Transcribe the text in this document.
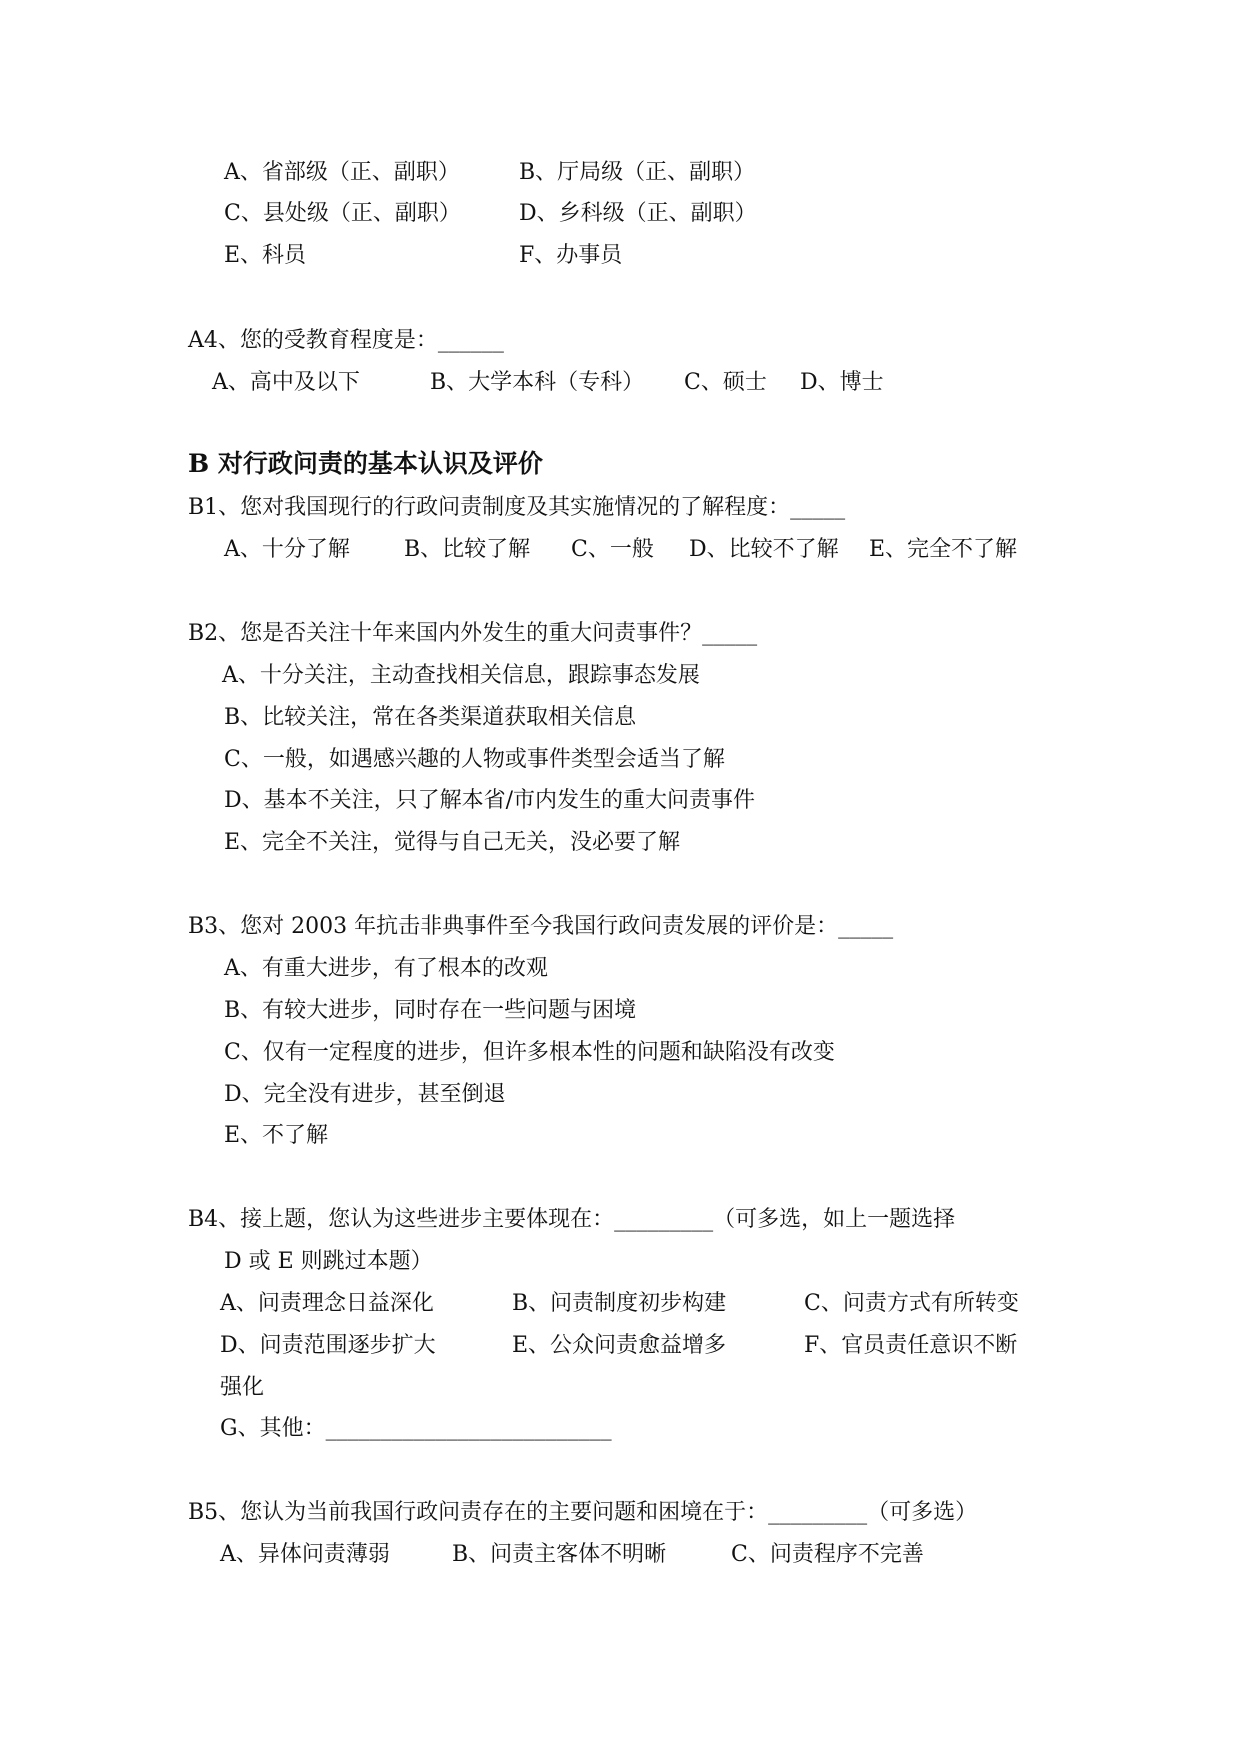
A、省部级（正、副职）	B、厅局级（正、副职）
C、县处级（正、副职）	D、乡科级（正、副职）
E、科员	F、办事员
A4、您的受教育程度是：______
A、高中及以下	B、大学本科（专科） C、硕士 D、博士
B 对行政问责的基本认识及评价
B1、您对我国现行的行政问责制度及其实施情况的了解程度：_____
A、十分了解 B、比较了解 C、一般 D、比较不了解 E、完全不了解
B2、您是否关注十年来国内外发生的重大问责事件？_____
A、十分关注，主动查找相关信息，跟踪事态发展
B、比较关注，常在各类渠道获取相关信息
C、一般，如遇感兴趣的人物或事件类型会适当了解
D、基本不关注，只了解本省/市内发生的重大问责事件
E、完全不关注，觉得与自己无关，没必要了解
B3、您对 2003 年抗击非典事件至今我国行政问责发展的评价是：_____
A、有重大进步，有了根本的改观
B、有较大进步，同时存在一些问题与困境
C、仅有一定程度的进步，但许多根本性的问题和缺陷没有改变
D、完全没有进步，甚至倒退
E、不了解
B4、接上题，您认为这些进步主要体现在：_________（可多选，如上一题选择
D 或 E 则跳过本题）
A、问责理念日益深化	B、问责制度初步构建	C、问责方式有所转变
D、问责范围逐步扩大	E、公众问责愈益增多	F、官员责任意识不断
强化
G、其他：__________________________
B5、您认为当前我国行政问责存在的主要问题和困境在于：_________（可多选）
A、异体问责薄弱	B、问责主客体不明晰	C、问责程序不完善
